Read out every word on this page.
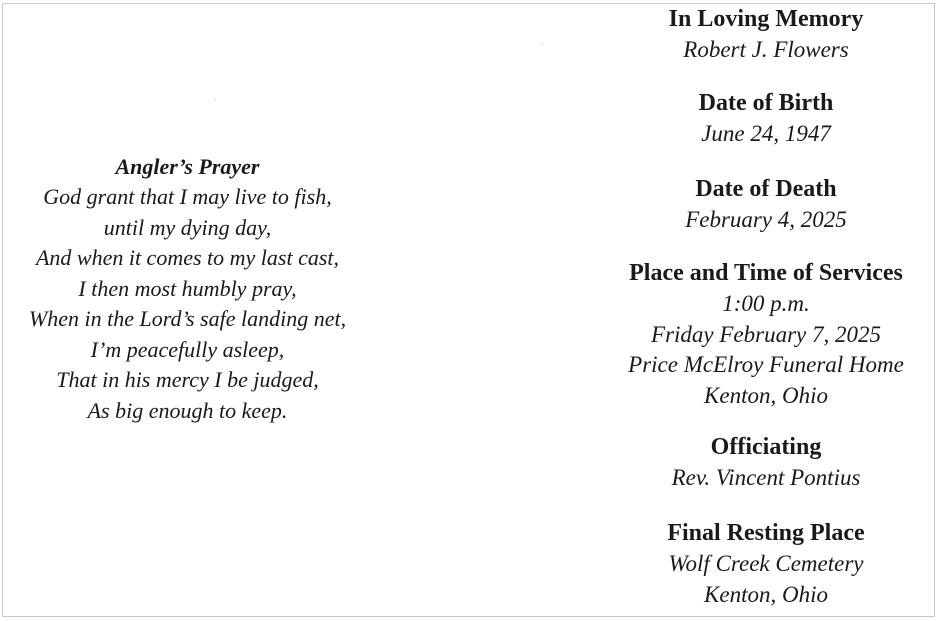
Angler’s Prayer
God grant that I may live to fish,
until my dying day,
And when it comes to my last cast,
I then most humbly pray,
When in the Lord’s safe landing net,
I’m peacefully asleep,
That in his mercy I be judged,
As big enough to keep.
In Loving Memory
Robert J. Flowers
Date of Birth
June 24, 1947
Date of Death
February 4, 2025
Place and Time of Services
1:00 p.m.
Friday February 7, 2025
Price McElroy Funeral Home
Kenton, Ohio
Officiating
Rev. Vincent Pontius
Final Resting Place
Wolf Creek Cemetery
Kenton, Ohio
